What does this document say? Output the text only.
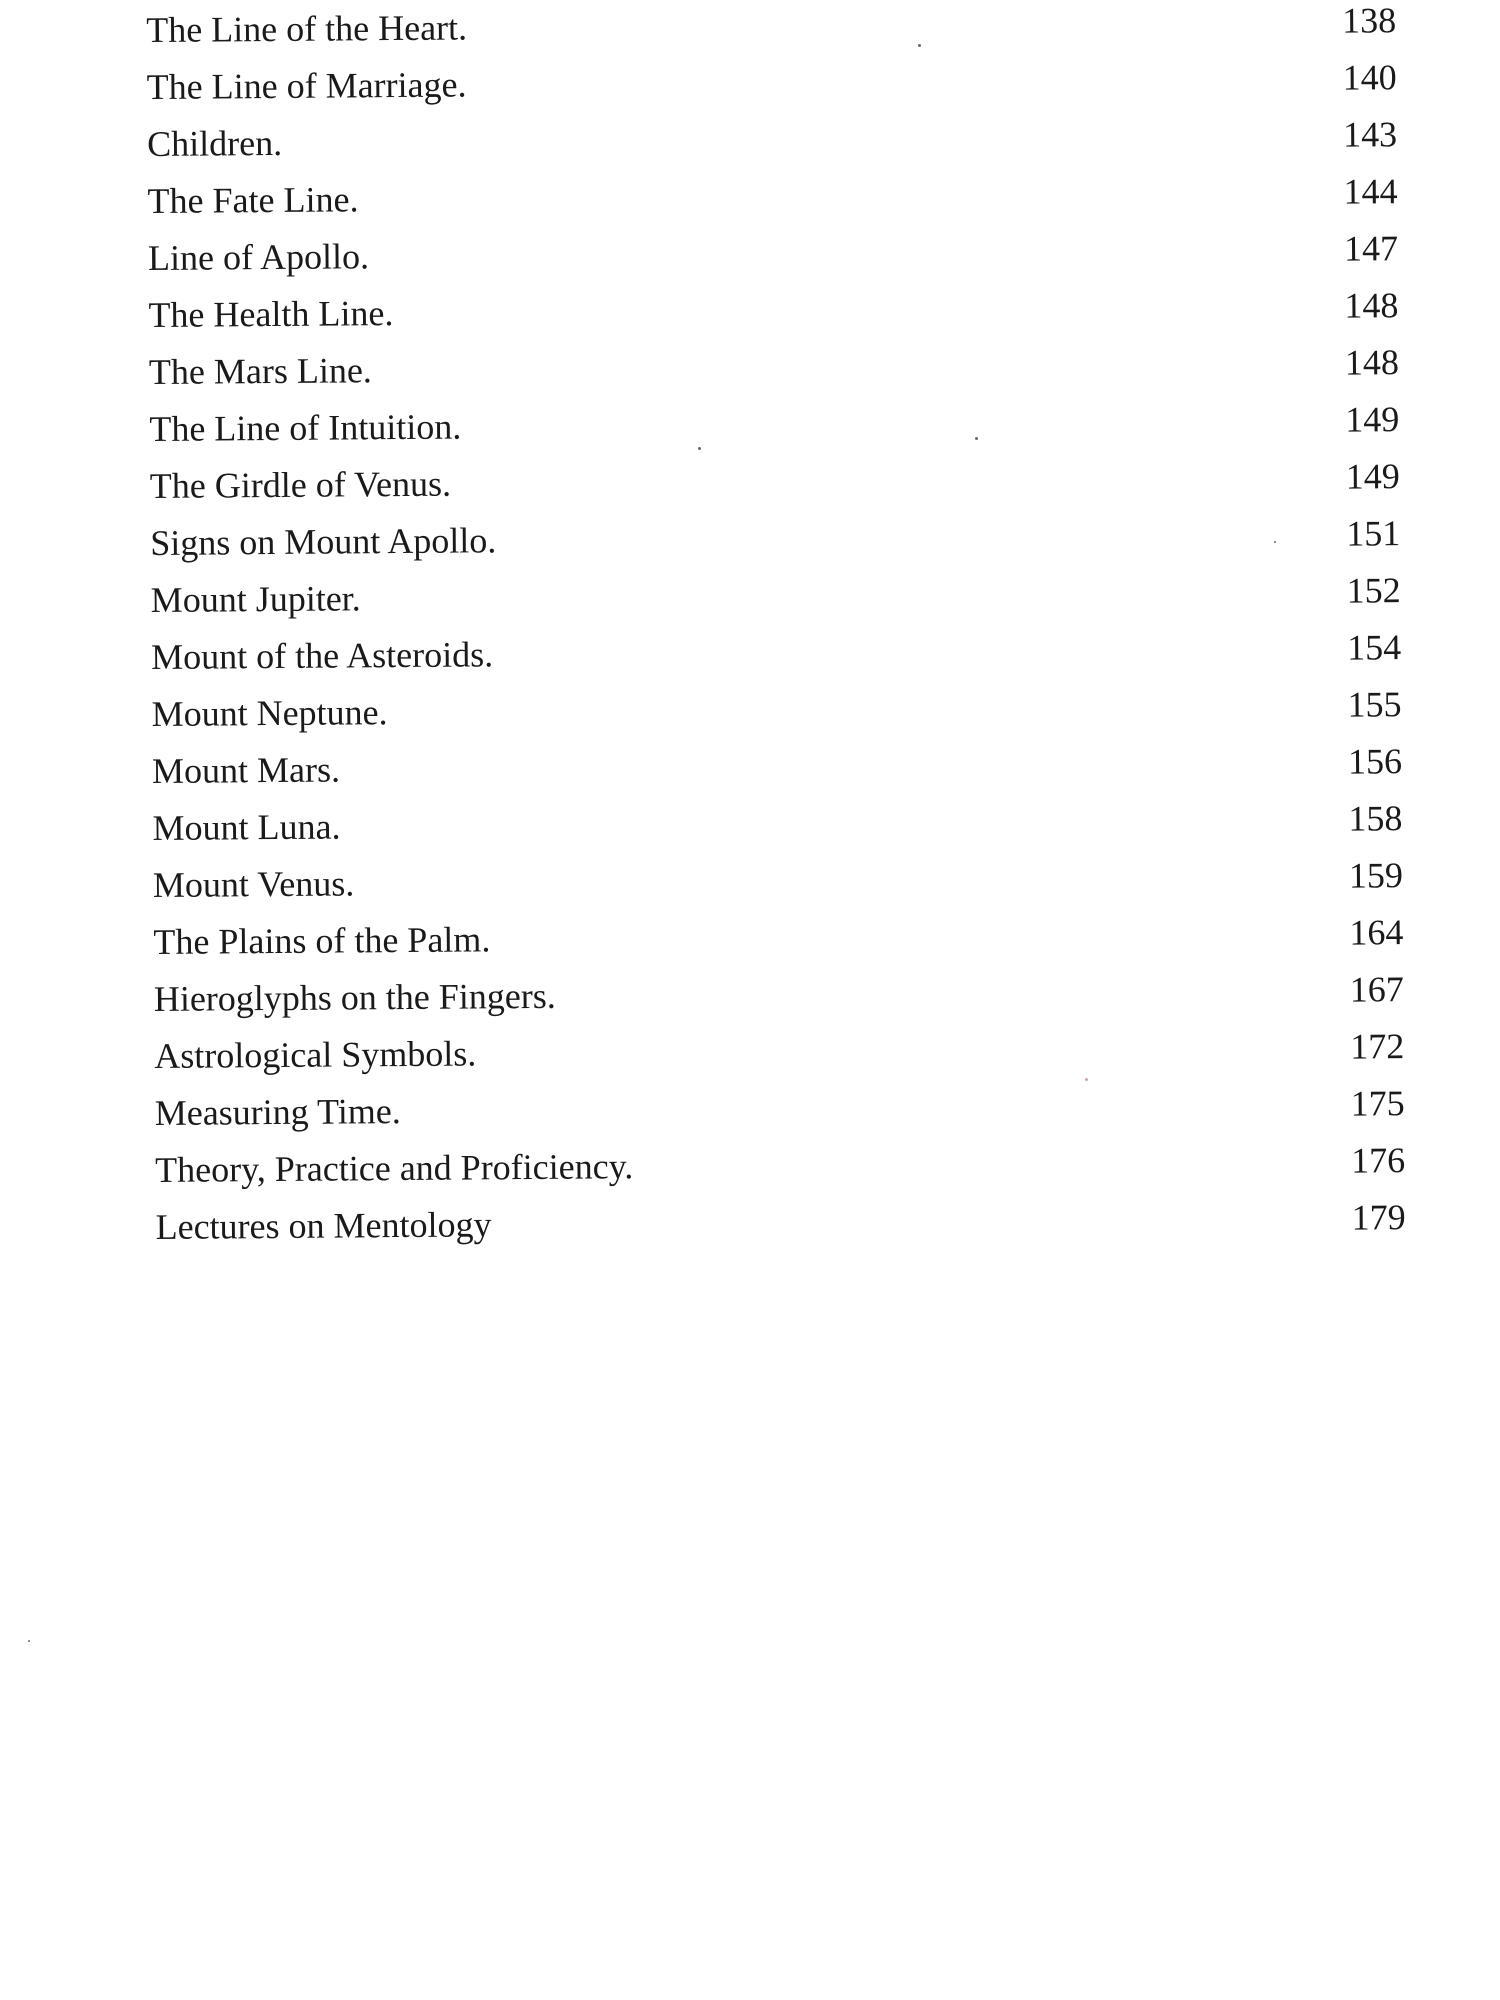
The Line of the Heart.	138
The Line of Marriage.	140
Children.	143
The Fate Line.	144
Line of Apollo.	147
The Health Line.	148
The Mars Line.	148
The Line of Intuition.	149
The Girdle of Venus.	149
Signs on Mount Apollo.	151
Mount Jupiter.	152
Mount of the Asteroids.	154
Mount Neptune.	155
Mount Mars.	156
Mount Luna.	158
Mount Venus.	159
The Plains of the Palm.	164
Hieroglyphs on the Fingers.	167
Astrological Symbols.	172
Measuring Time.	175
Theory, Practice and Proficiency.	176
Lectures on Mentology	179
